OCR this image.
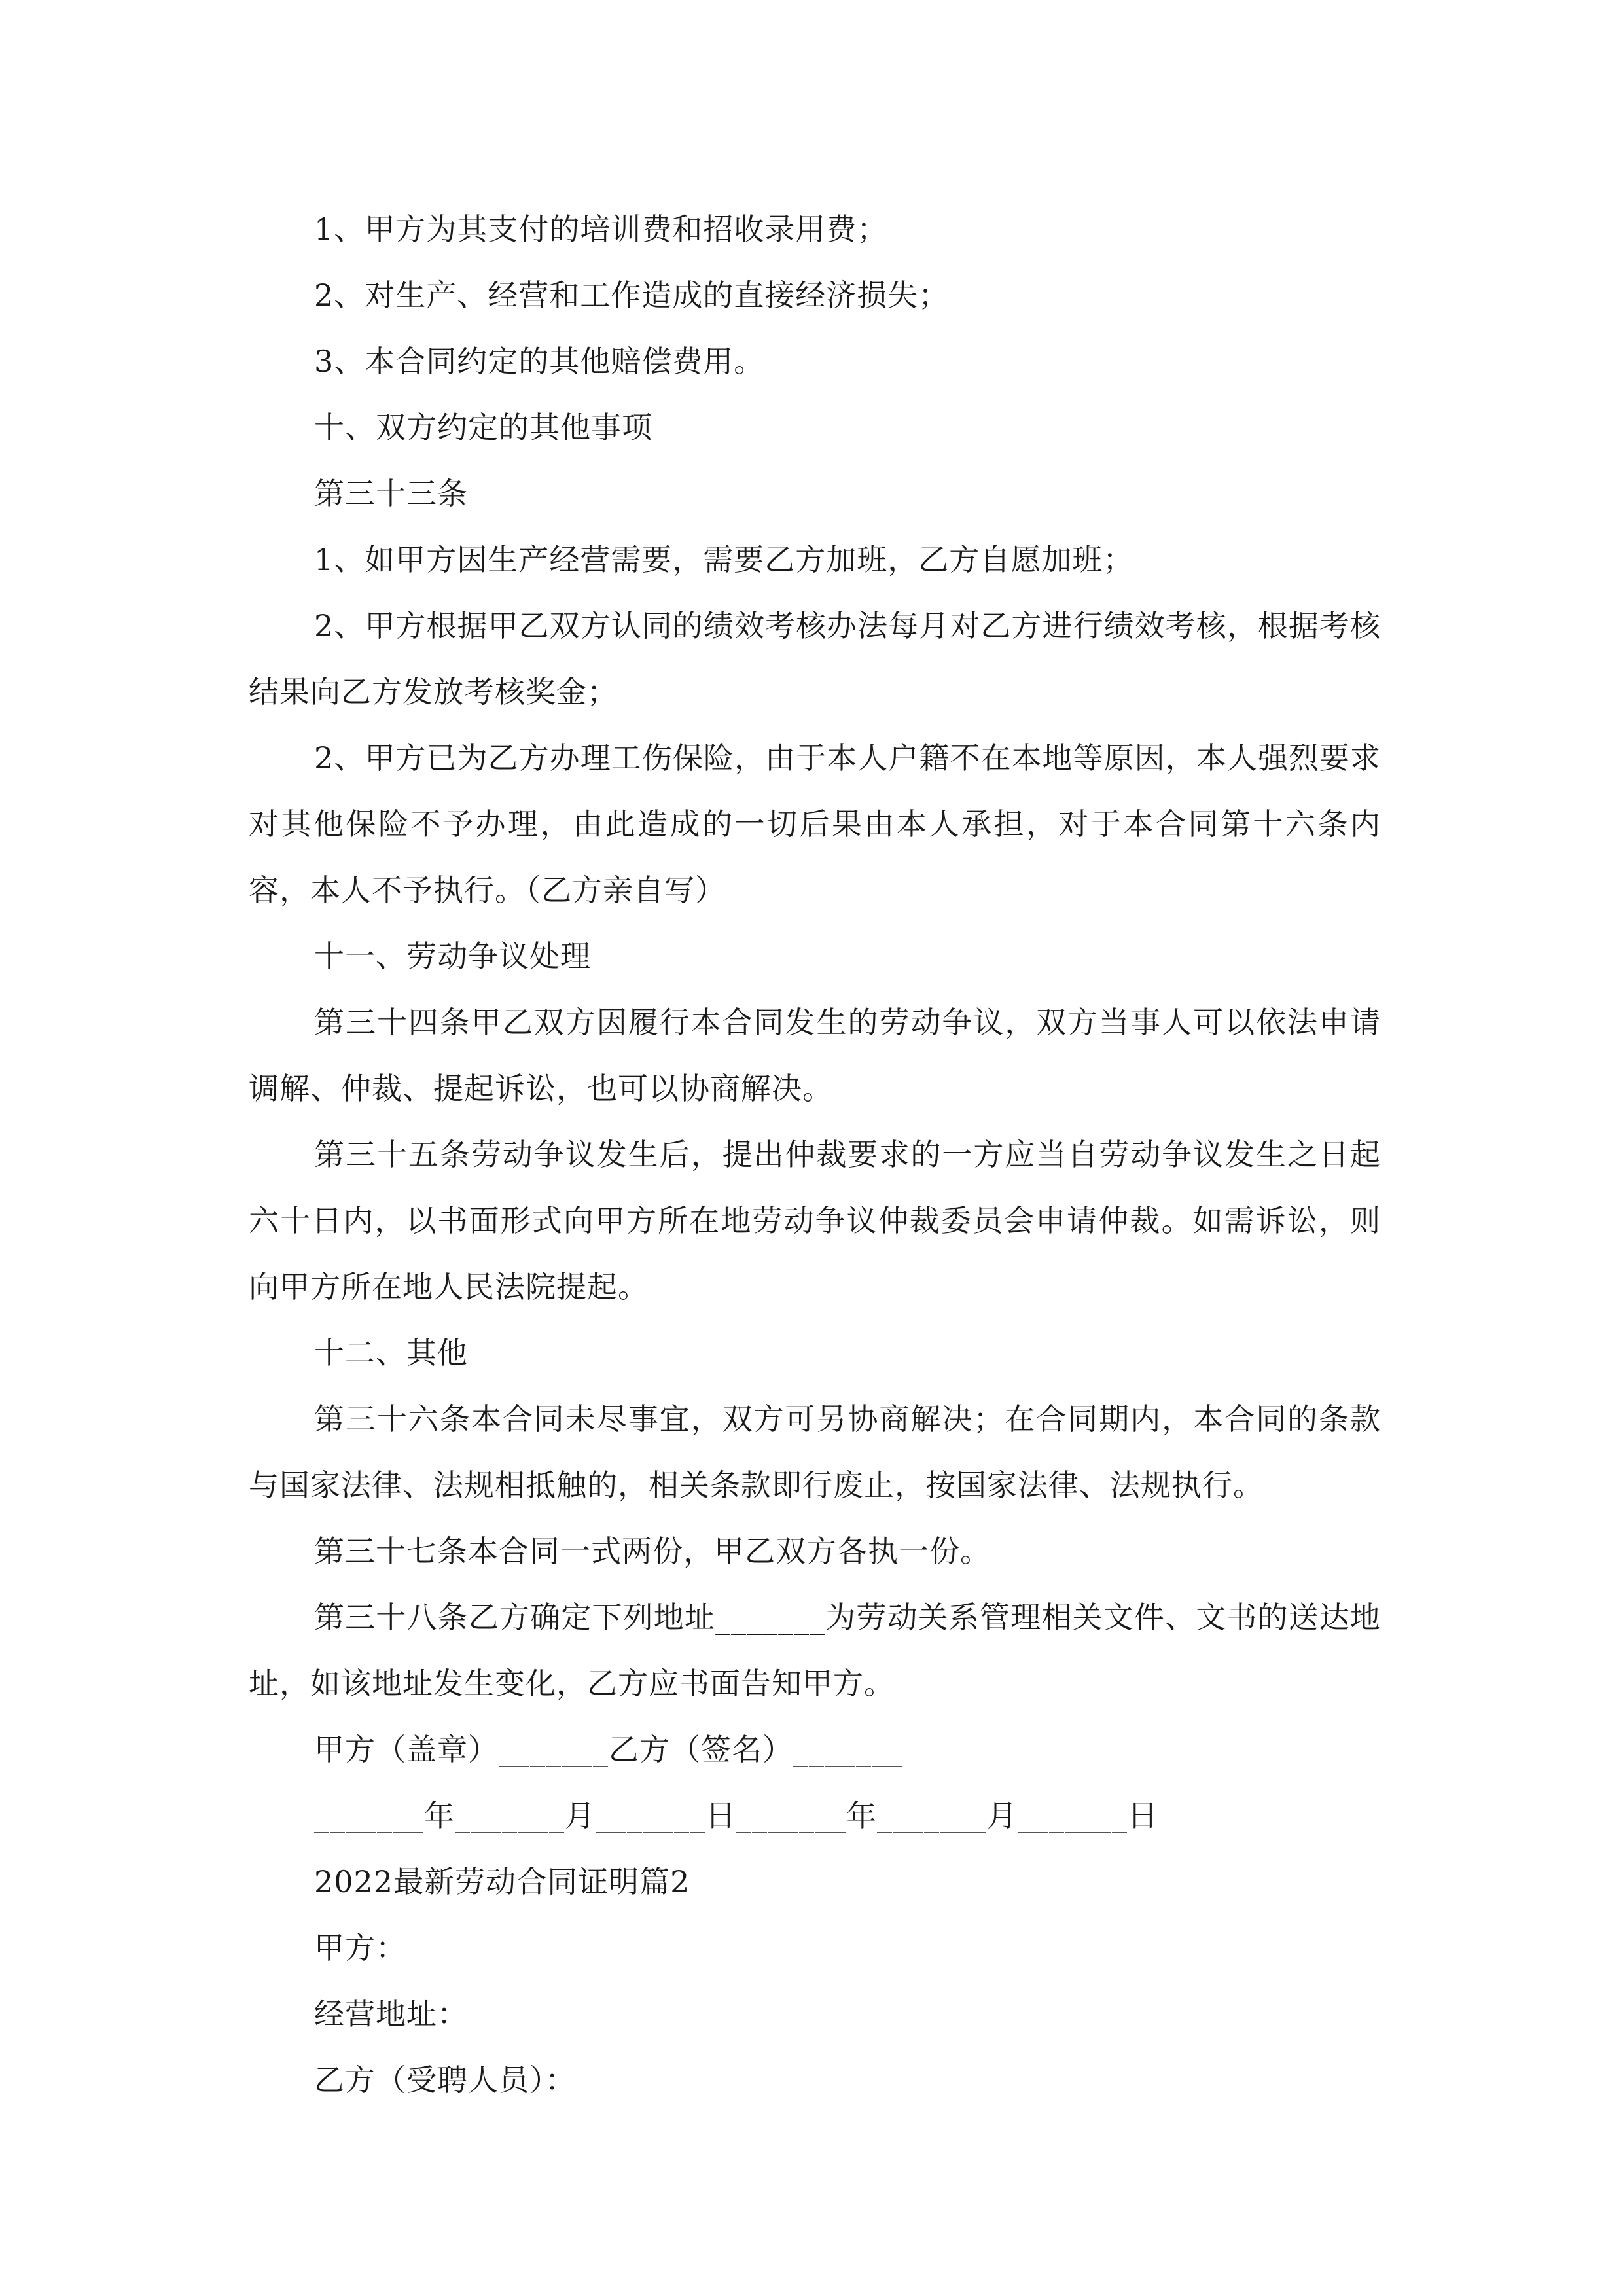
1、甲方为其支付的培训费和招收录用费；

2、对生产、经营和工作造成的直接经济损失；

3、本合同约定的其他赔偿费用。

十、双方约定的其他事项

第三十三条

1、如甲方因生产经营需要，需要乙方加班，乙方自愿加班；

2、甲方根据甲乙双方认同的绩效考核办法每月对乙方进行绩效考核，根据考核结果向乙方发放考核奖金；

2、甲方已为乙方办理工伤保险，由于本人户籍不在本地等原因，本人强烈要求对其他保险不予办理，由此造成的一切后果由本人承担，对于本合同第十六条内容，本人不予执行。（乙方亲自写）

十一、劳动争议处理

第三十四条甲乙双方因履行本合同发生的劳动争议，双方当事人可以依法申请调解、仲裁、提起诉讼，也可以协商解决。

第三十五条劳动争议发生后，提出仲裁要求的一方应当自劳动争议发生之日起六十日内，以书面形式向甲方所在地劳动争议仲裁委员会申请仲裁。如需诉讼，则向甲方所在地人民法院提起。

十二、其他

第三十六条本合同未尽事宜，双方可另协商解决；在合同期内，本合同的条款与国家法律、法规相抵触的，相关条款即行废止，按国家法律、法规执行。

第三十七条本合同一式两份，甲乙双方各执一份。

第三十八条乙方确定下列地址_______为劳动关系管理相关文件、文书的送达地址，如该地址发生变化，乙方应书面告知甲方。

甲方（盖章）_______乙方（签名）_______

_______年_______月_______日_______年_______月_______日

2022最新劳动合同证明篇2

甲方：

经营地址：

乙方（受聘人员）：
